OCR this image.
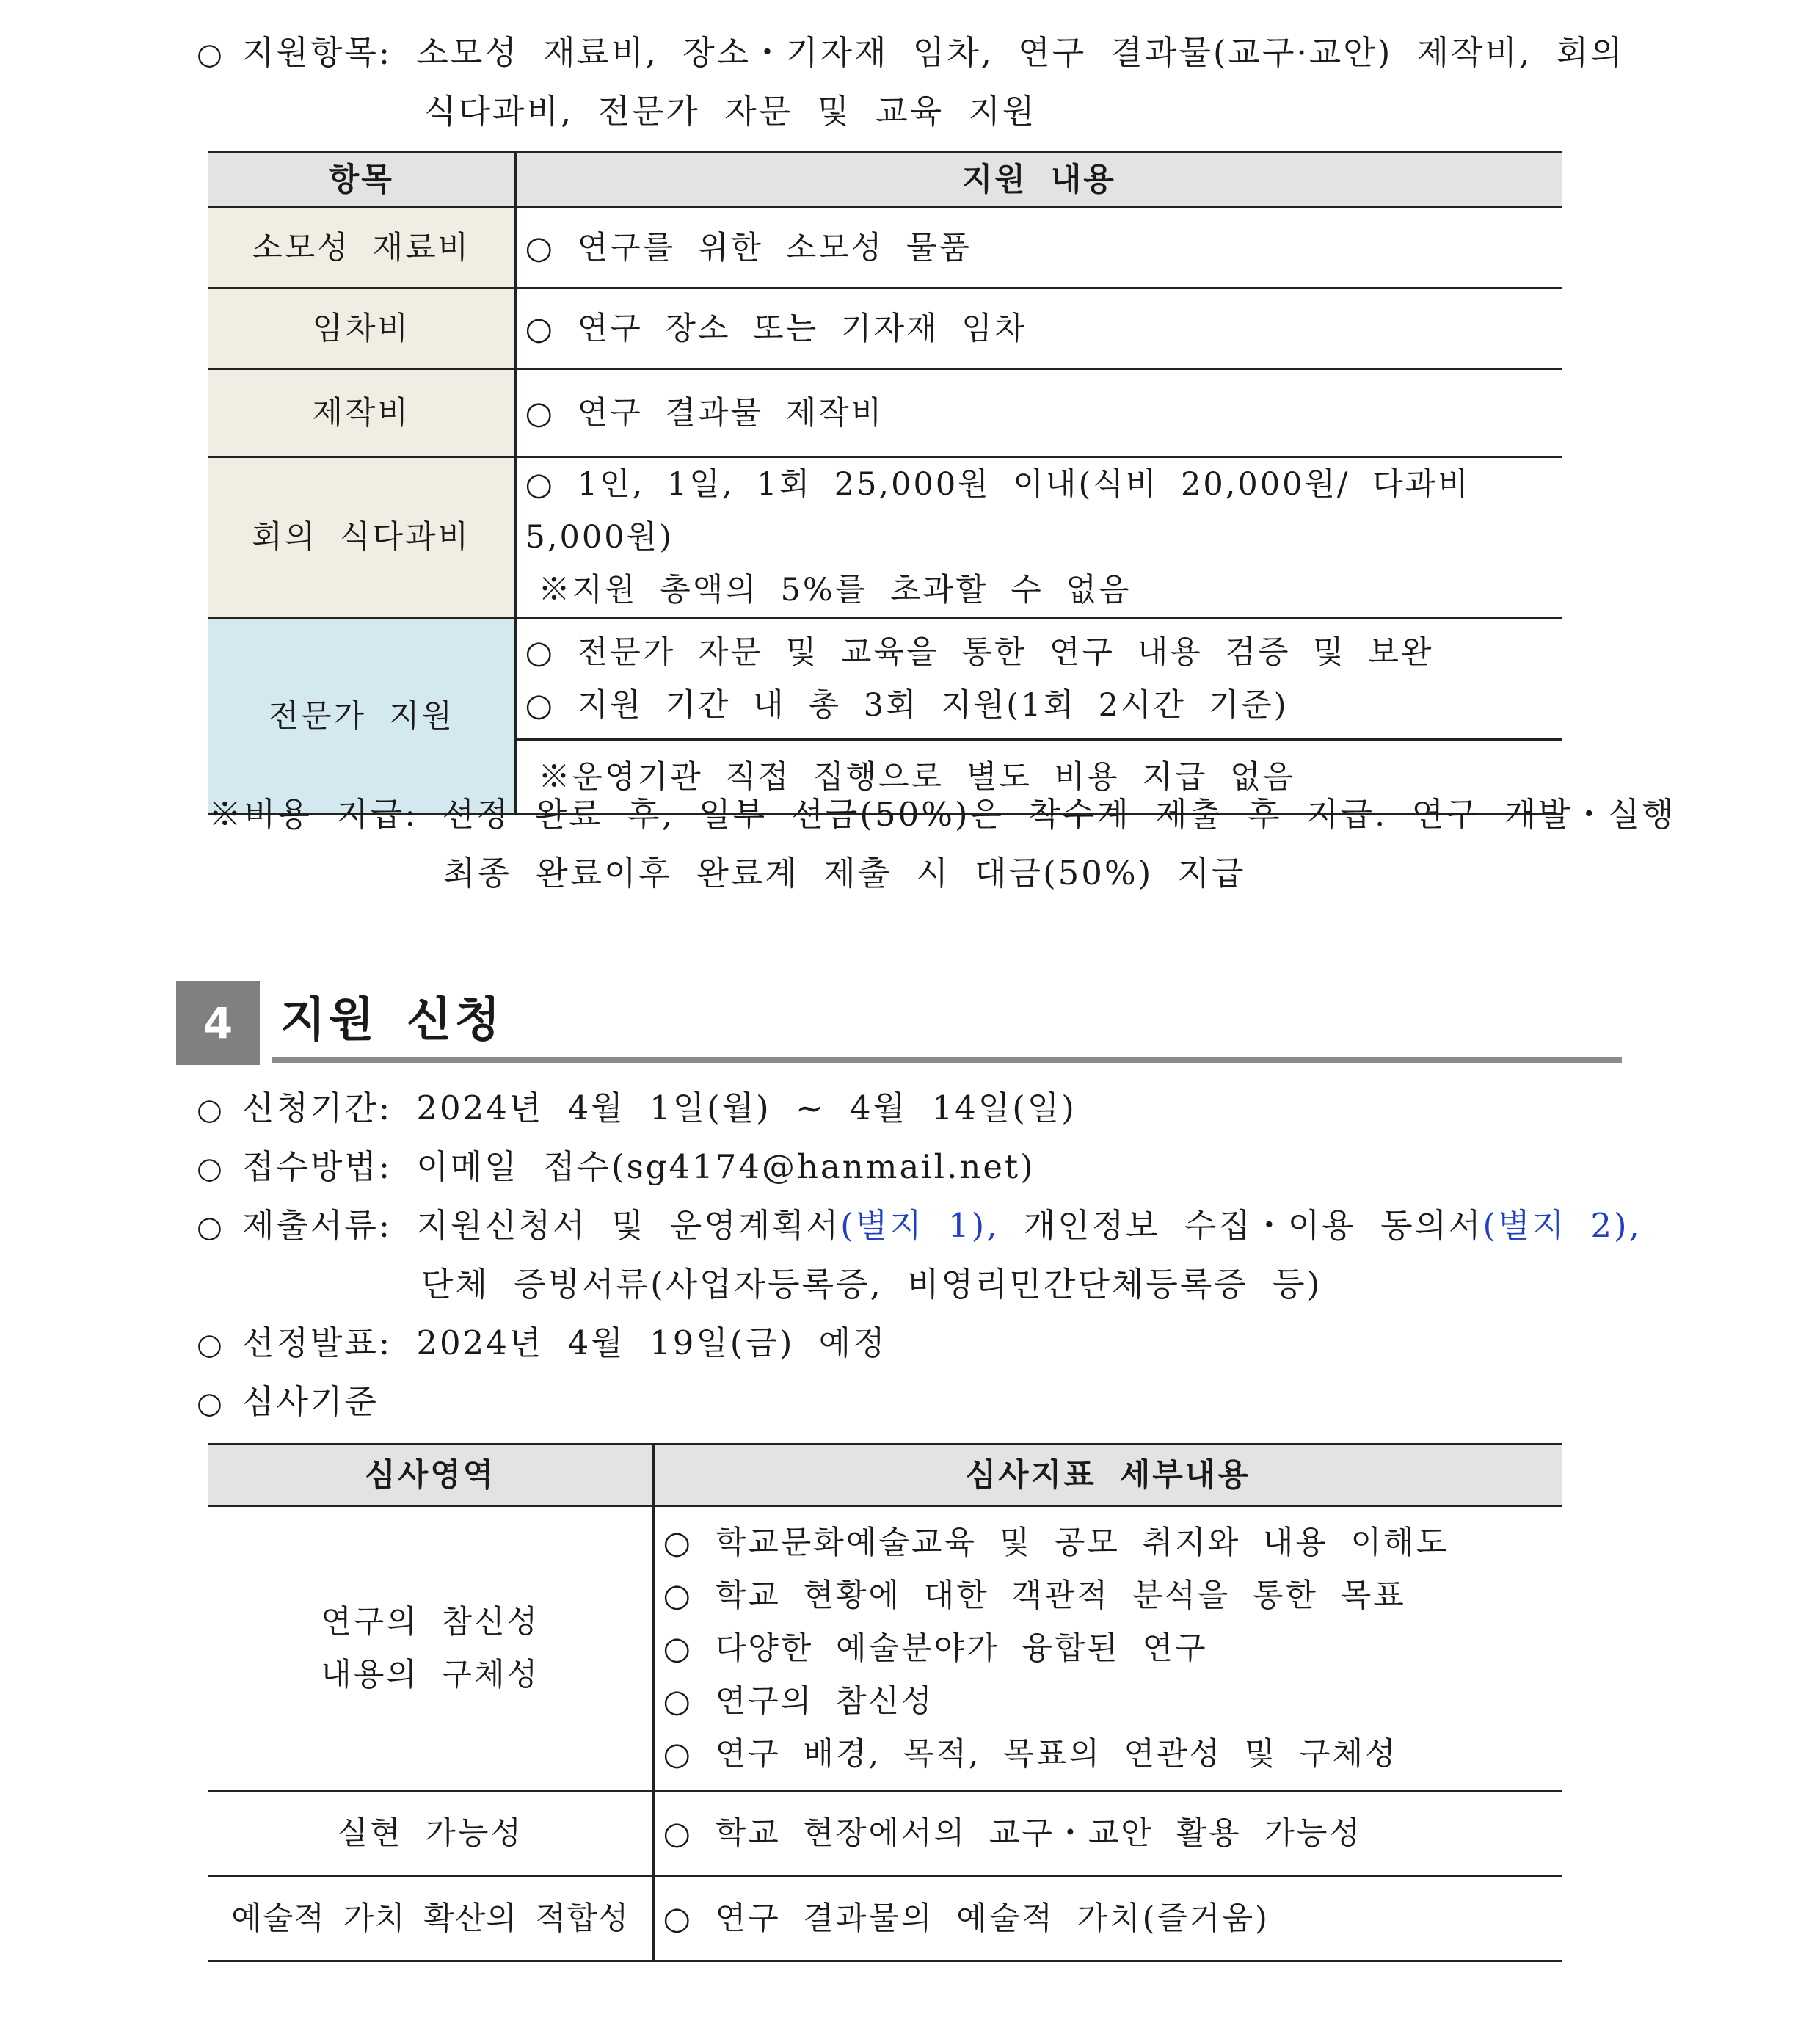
○ 지원항목: 소모성 재료비, 장소・기자재 임차, 연구 결과물(교구·교안) 제작비, 회의
식다과비, 전문가 자문 및 교육 지원
항목	지원 내용
소모성 재료비	○ 연구를 위한 소모성 물품

임차비	○ 연구 장소 또는 기자재 임차

제작비	○ 연구 결과물 제작비

회의 식다과비	○ 1인, 1일, 1회 25,000원 이내(식비 20,000원/ 다과비 5,000원)
※지원 총액의 5%를 초과할 수 없음

전문가 지원	○ 전문가 자문 및 교육을 통한 연구 내용 검증 및 보완
○ 지원 기간 내 총 3회 지원(1회 2시간 기준)

	※운영기관 직접 집행으로 별도 비용 지급 없음
※비용 지급: 선정 완료 후, 일부 선금(50%)은 착수계 제출 후 지급. 연구 개발・실행
최종 완료이후 완료계 제출 시 대금(50%) 지급
4	지원 신청
○ 신청기간: 2024년 4월 1일(월) ~ 4월 14일(일)
○ 접수방법: 이메일 접수(sg4174@hanmail.net)
○ 제출서류: 지원신청서 및 운영계획서(별지 1), 개인정보 수집・이용 동의서(별지 2),
단체 증빙서류(사업자등록증, 비영리민간단체등록증 등)
○ 선정발표: 2024년 4월 19일(금) 예정
○ 심사기준
심사영역	심사지표 세부내용

연구의 참신성
내용의 구체성	○ 학교문화예술교육 및 공모 취지와 내용 이해도
○ 학교 현황에 대한 객관적 분석을 통한 목표
○ 다양한 예술분야가 융합된 연구
○ 연구의 참신성
○ 연구 배경, 목적, 목표의 연관성 및 구체성

실현 가능성	○ 학교 현장에서의 교구・교안 활용 가능성

예술적 가치 확산의 적합성	○ 연구 결과물의 예술적 가치(즐거움)
